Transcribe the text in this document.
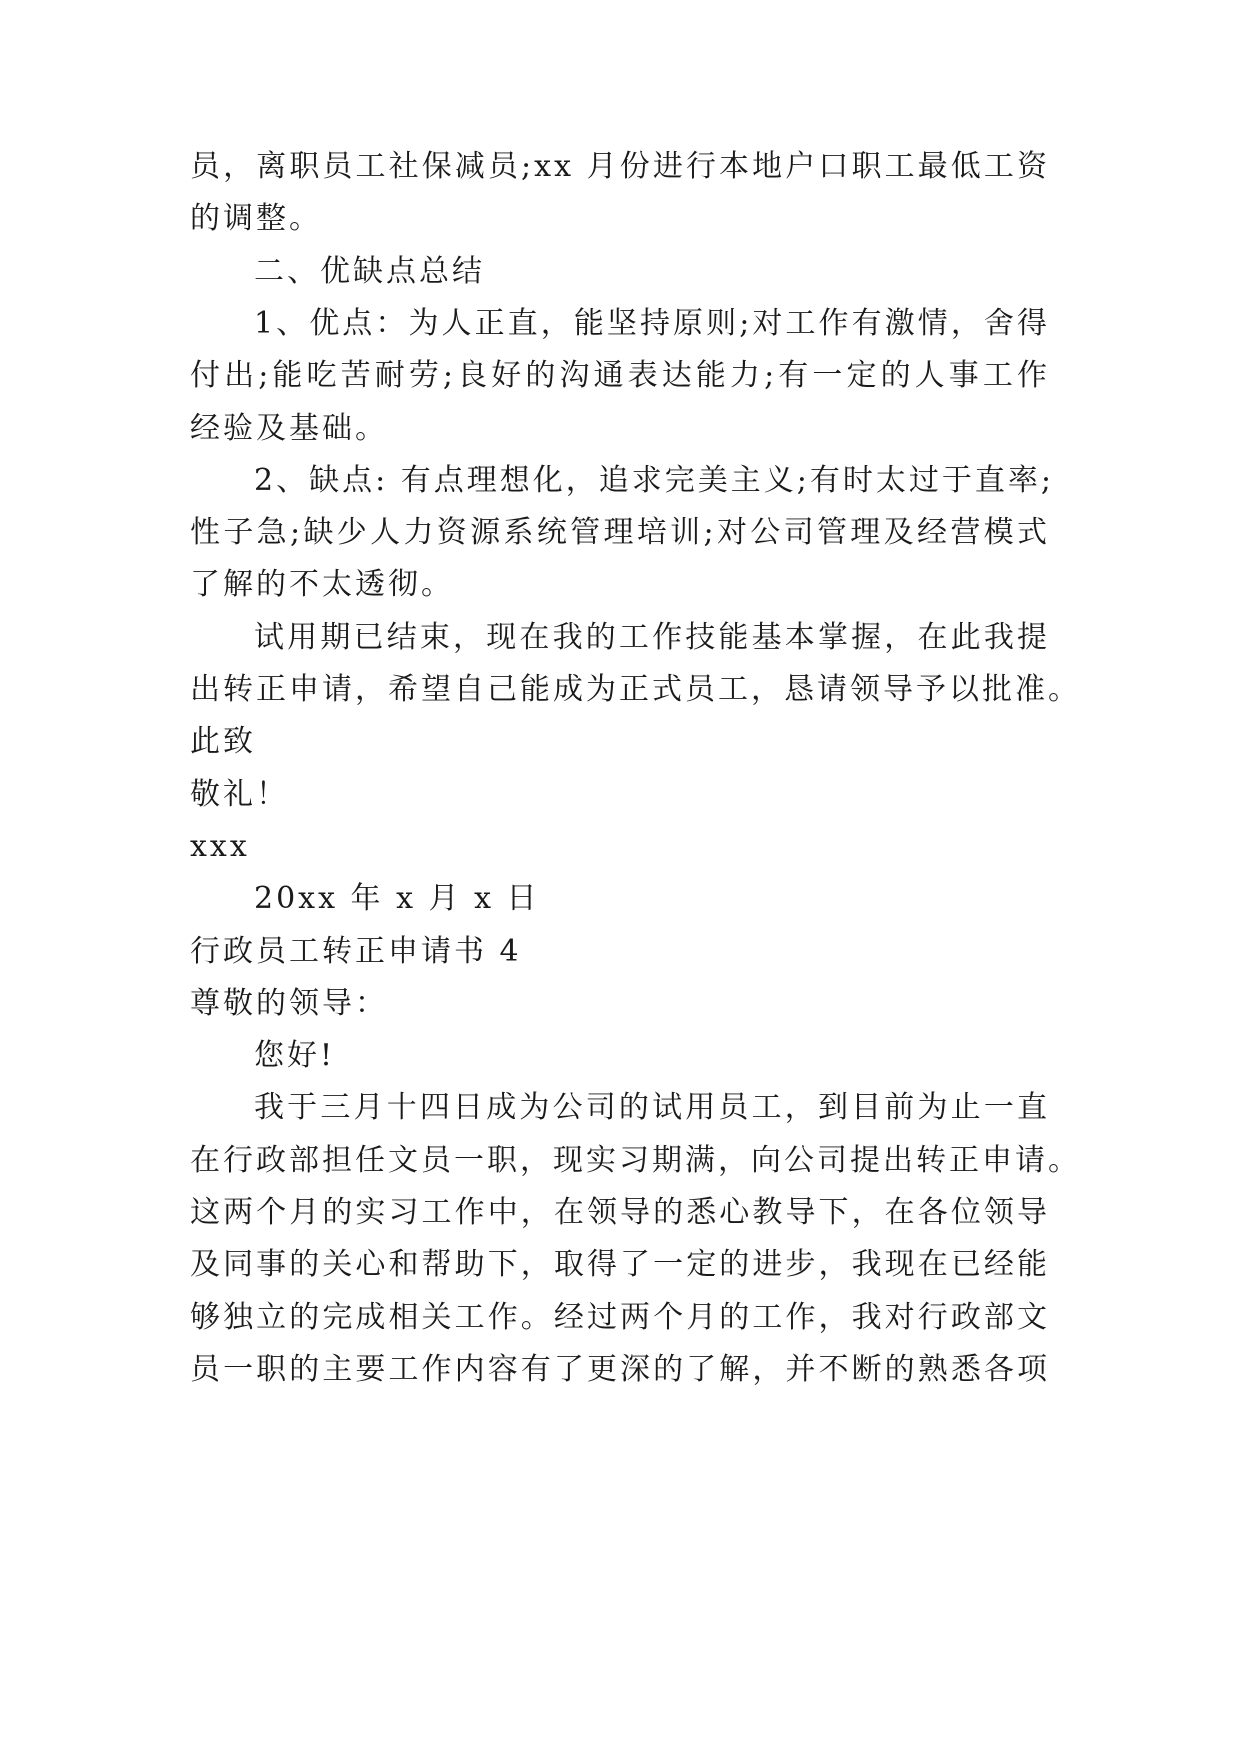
员，离职员工社保减员;xx 月份进行本地户口职工最低工资
的调整。
二、优缺点总结
1、优点：为人正直，能坚持原则;对工作有激情，舍得
付出;能吃苦耐劳;良好的沟通表达能力;有一定的人事工作
经验及基础。
2、缺点: 有点理想化，追求完美主义;有时太过于直率;
性子急;缺少人力资源系统管理培训;对公司管理及经营模式
了解的不太透彻。
试用期已结束，现在我的工作技能基本掌握，在此我提
出转正申请，希望自己能成为正式员工，恳请领导予以批准。
此致
敬礼！
xxx
20xx 年 x 月 x 日
行政员工转正申请书 4
尊敬的领导：
您好!
我于三月十四日成为公司的试用员工，到目前为止一直
在行政部担任文员一职，现实习期满，向公司提出转正申请。
这两个月的实习工作中，在领导的悉心教导下，在各位领导
及同事的关心和帮助下，取得了一定的进步，我现在已经能
够独立的完成相关工作。经过两个月的工作，我对行政部文
员一职的主要工作内容有了更深的了解，并不断的熟悉各项
